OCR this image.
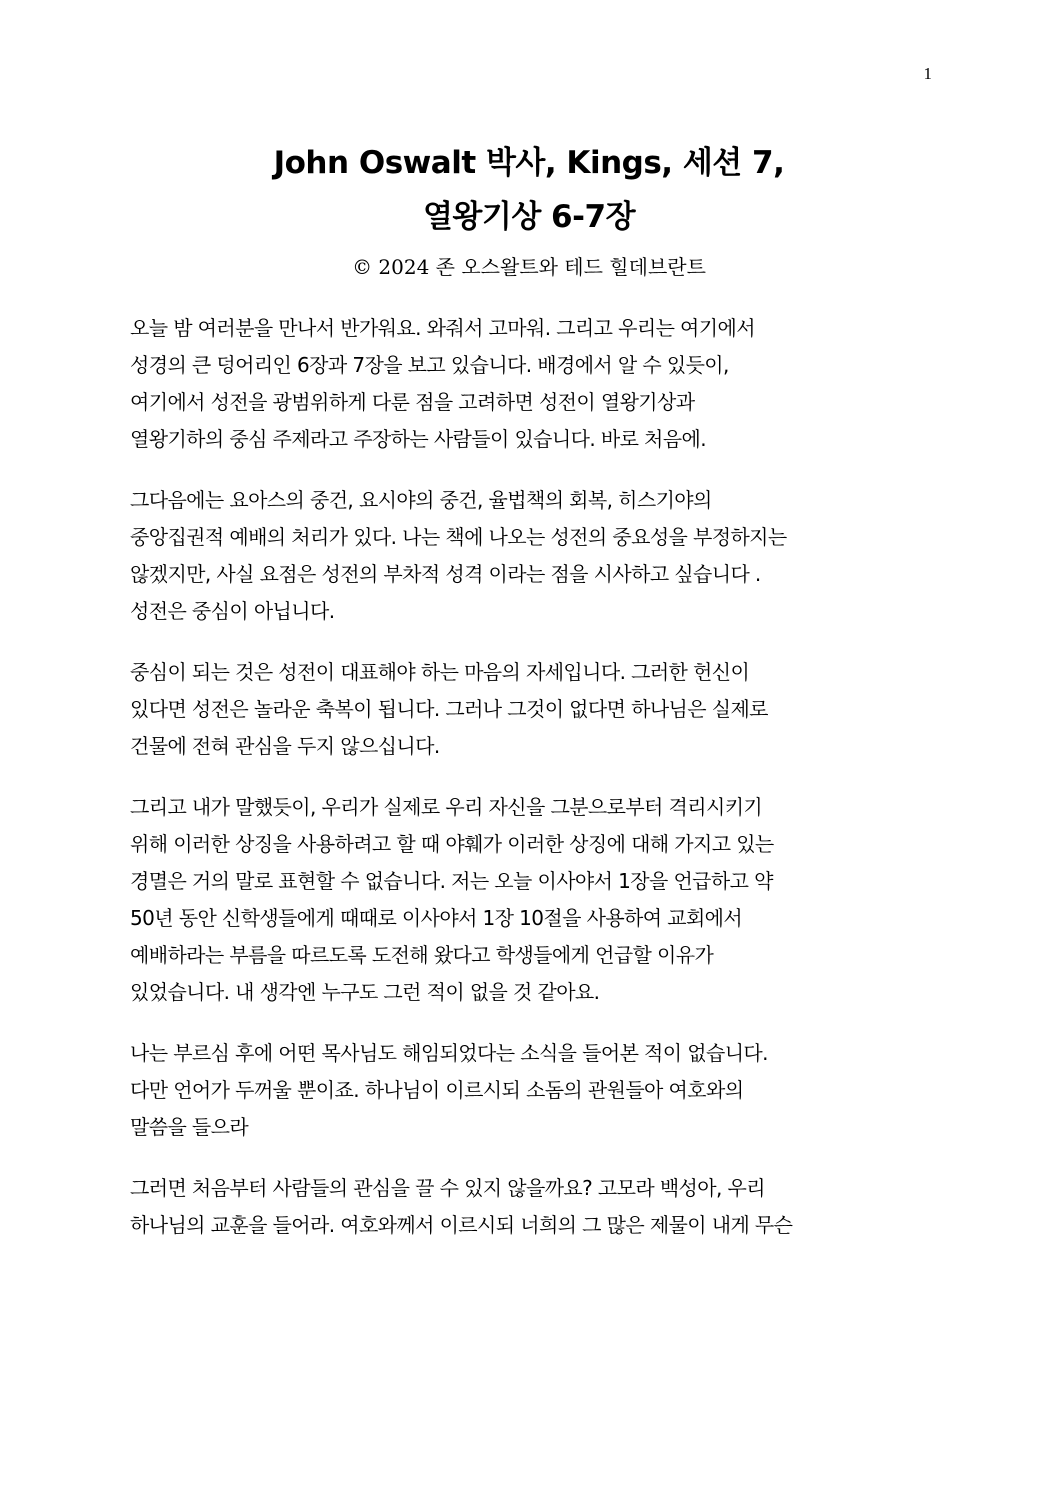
1
John Oswalt 박사, Kings, 세션 7,
열왕기상 6-7장
© 2024 존 오스왈트와 테드 힐데브란트
오늘 밤 여러분을 만나서 반가워요. 와줘서 고마워. 그리고 우리는 여기에서
성경의 큰 덩어리인 6장과 7장을 보고 있습니다. 배경에서 알 수 있듯이,
여기에서 성전을 광범위하게 다룬 점을 고려하면 성전이 열왕기상과
열왕기하의 중심 주제라고 주장하는 사람들이 있습니다. 바로 처음에.
그다음에는 요아스의 중건, 요시야의 중건, 율법책의 회복, 히스기야의
중앙집권적 예배의 처리가 있다. 나는 책에 나오는 성전의 중요성을 부정하지는
않겠지만, 사실 요점은 성전의 부차적 성격 이라는 점을 시사하고 싶습니다 .
성전은 중심이 아닙니다.
중심이 되는 것은 성전이 대표해야 하는 마음의 자세입니다. 그러한 헌신이
있다면 성전은 놀라운 축복이 됩니다. 그러나 그것이 없다면 하나님은 실제로
건물에 전혀 관심을 두지 않으십니다.
그리고 내가 말했듯이, 우리가 실제로 우리 자신을 그분으로부터 격리시키기
위해 이러한 상징을 사용하려고 할 때 야훼가 이러한 상징에 대해 가지고 있는
경멸은 거의 말로 표현할 수 없습니다. 저는 오늘 이사야서 1장을 언급하고 약
50년 동안 신학생들에게 때때로 이사야서 1장 10절을 사용하여 교회에서
예배하라는 부름을 따르도록 도전해 왔다고 학생들에게 언급할 이유가
있었습니다. 내 생각엔 누구도 그런 적이 없을 것 같아요.
나는 부르심 후에 어떤 목사님도 해임되었다는 소식을 들어본 적이 없습니다.
다만 언어가 두꺼울 뿐이죠. 하나님이 이르시되 소돔의 관원들아 여호와의
말씀을 들으라
그러면 처음부터 사람들의 관심을 끌 수 있지 않을까요? 고모라 백성아, 우리
하나님의 교훈을 들어라. 여호와께서 이르시되 너희의 그 많은 제물이 내게 무슨
